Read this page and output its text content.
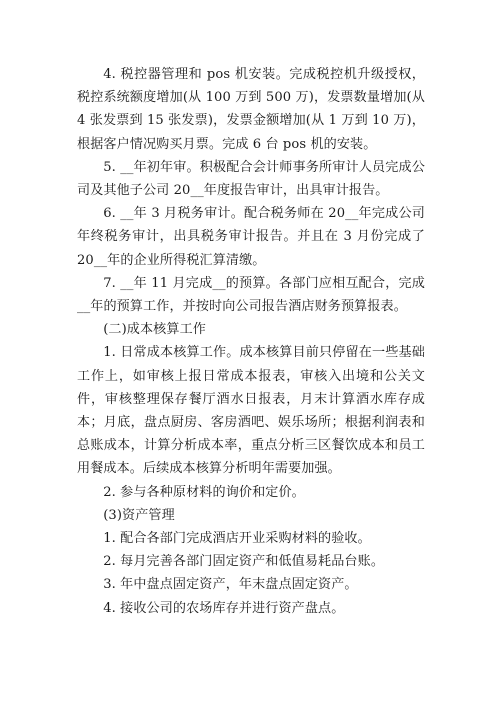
4. 税控器管理和 pos 机安装。完成税控机升级授权，税控系统额度增加(从 100 万到 500 万)，发票数量增加(从 4 张发票到 15 张发票)，发票金额增加(从 1 万到 10 万)，根据客户情况购买月票。完成 6 台 pos 机的安装。

5. __年初年审。积极配合会计师事务所审计人员完成公司及其他子公司 20__年度报告审计，出具审计报告。

6. __年 3 月税务审计。配合税务师在 20__年完成公司年终税务审计，出具税务审计报告。并且在 3 月份完成了 20__年的企业所得税汇算清缴。

7. __年 11 月完成__的预算。各部门应相互配合，完成__年的预算工作，并按时向公司报告酒店财务预算报表。

(二)成本核算工作

1. 日常成本核算工作。成本核算目前只停留在一些基础工作上，如审核上报日常成本报表，审核入出境和公关文件，审核整理保存餐厅酒水日报表，月末计算酒水库存成本；月底，盘点厨房、客房酒吧、娱乐场所；根据利润表和总账成本，计算分析成本率，重点分析三区餐饮成本和员工用餐成本。后续成本核算分析明年需要加强。

2. 参与各种原材料的询价和定价。

(3)资产管理

1. 配合各部门完成酒店开业采购材料的验收。

2. 每月完善各部门固定资产和低值易耗品台账。

3. 年中盘点固定资产，年末盘点固定资产。

4. 接收公司的农场库存并进行资产盘点。
